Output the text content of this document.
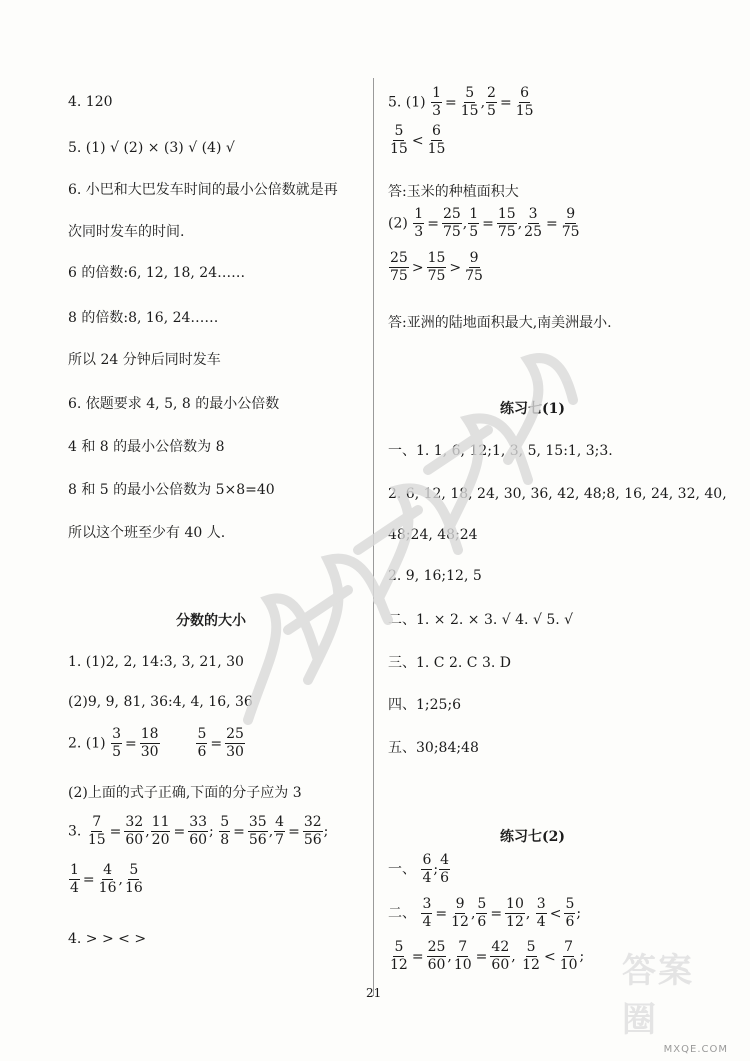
4. 120
5. (1) √ (2) × (3) √ (4) √
6. 小巴和大巴发车时间的最小公倍数就是再
次同时发车的时间.
6 的倍数:6, 12, 18, 24……
8 的倍数:8, 16, 24……
所以 24 分钟后同时发车
6. 依题要求 4, 5, 8 的最小公倍数
4 和 8 的最小公倍数为 8
8 和 5 的最小公倍数为 5×8=40
所以这个班至少有 40 人.
分数的大小
1. (1)2, 2, 14:3, 3, 21, 30
(2)9, 9, 81, 36:4, 4, 16, 36
2. $(1) \frac{3}{5} = \frac{18}{30}$
	$\frac{5}{6} = \frac{25}{30}$
(2)上面的式子正确,下面的分子应为 3
3. $\frac{7}{15} = \frac{32}{60}$ , $\frac{11}{20} = \frac{33}{60}$ ; $\frac{5}{8} = \frac{35}{56}$ , $\frac{4}{7} = \frac{32}{56}$ ;
$\frac{1}{4} = \frac{4}{16}$ , $\frac{5}{16}$
4. > > < >
5. $(1) \frac{1}{3} = \frac{5}{15}$ , $\frac{2}{5} = \frac{6}{15}$
$\frac{5}{15} < \frac{6}{15}$
答:玉米的种植面积大
$(2) \frac{1}{3} = \frac{25}{75}$ , $\frac{1}{5} = \frac{15}{75}$ , $\frac{3}{25} = \frac{9}{75}$
$\frac{25}{75} > \frac{15}{75} > \frac{9}{75}$
答:亚洲的陆地面积最大,南美洲最小.
练习七(1)
一、1. 1, 6, 12;1, 3, 5, 15:1, 3;3.
2. 6, 12, 18, 24, 30, 36, 42, 48;8, 16, 24, 32, 40,
48;24, 48;24
2. 9, 16;12, 5
二、1. × 2. × 3. √ 4. √ 5. √
三、1. C 2. C 3. D
四、1;25;6
五、30;84;48
练习七(2)
一、 $\frac{6}{4}$ ; $\frac{4}{6}$
二、 $\frac{3}{4} = \frac{9}{12}$ , $\frac{5}{6} = \frac{10}{12}$ , $\frac{3}{4} < \frac{5}{6}$ ;
$\frac{5}{12} = \frac{25}{60}$ , $\frac{7}{10} = \frac{42}{60}$ , $\frac{5}{12} < \frac{7}{10}$ ;
21
答案圈
MXQE.COM
